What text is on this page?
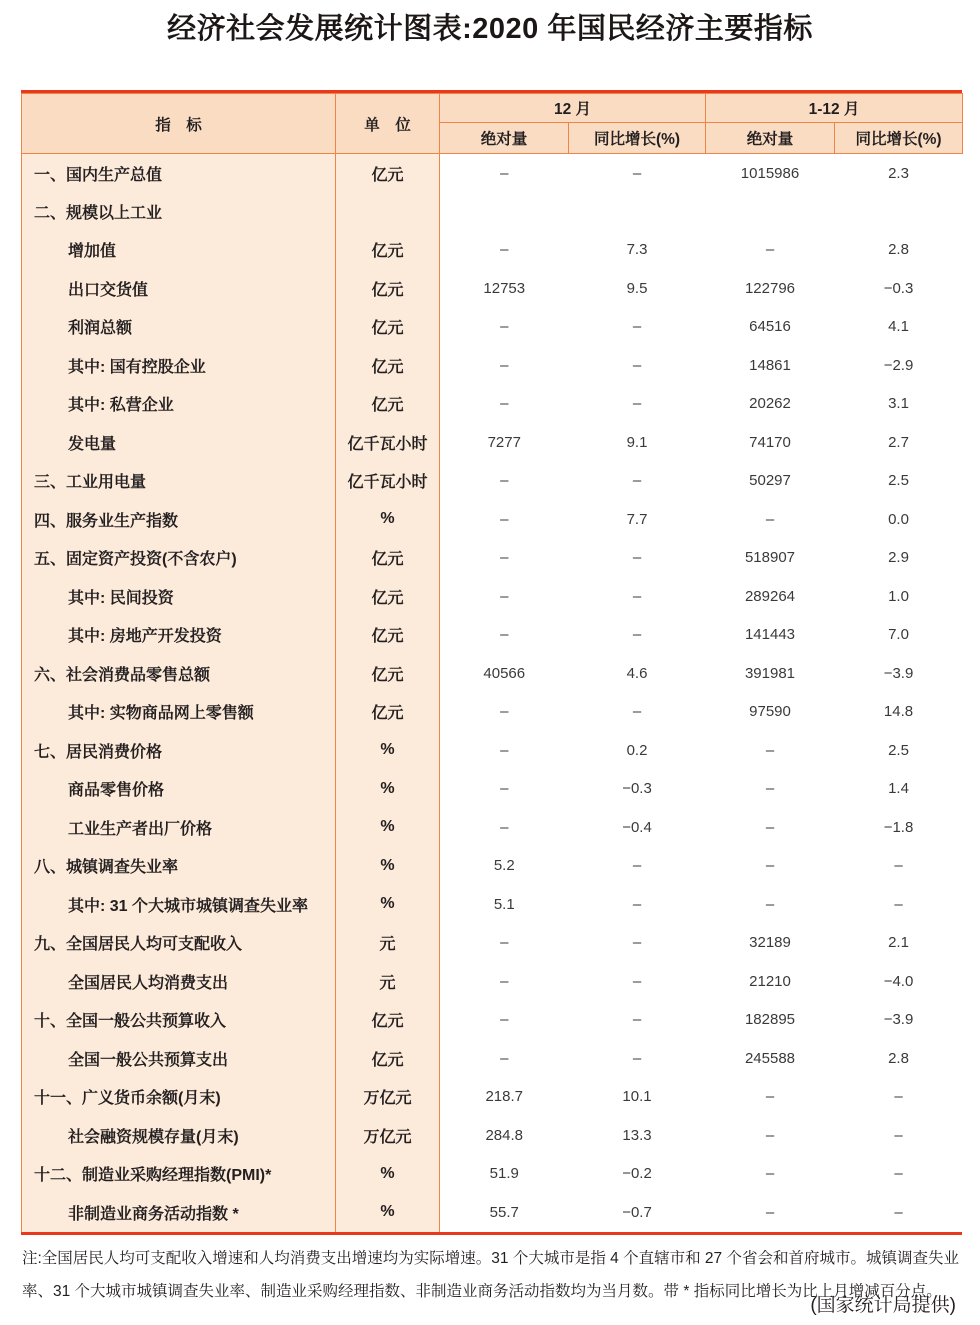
经济社会发展统计图表:2020 年国民经济主要指标
指　标	单　位	12 月		1-12 月	
		绝对量	同比增长(%)	绝对量	同比增长(%)
一、国内生产总值	亿元	–	–	1015986	2.3
二、规模以上工业					
增加值	亿元	–	7.3	–	2.8
出口交货值	亿元	12753	9.5	122796	−0.3
利润总额	亿元	–	–	64516	4.1
其中: 国有控股企业	亿元	–	–	14861	−2.9
其中: 私营企业	亿元	–	–	20262	3.1
发电量	亿千瓦小时	7277	9.1	74170	2.7
三、工业用电量	亿千瓦小时	–	–	50297	2.5
四、服务业生产指数	%	–	7.7	–	0.0
五、固定资产投资(不含农户)	亿元	–	–	518907	2.9
其中: 民间投资	亿元	–	–	289264	1.0
其中: 房地产开发投资	亿元	–	–	141443	7.0
六、社会消费品零售总额	亿元	40566	4.6	391981	−3.9
其中: 实物商品网上零售额	亿元	–	–	97590	14.8
七、居民消费价格	%	–	0.2	–	2.5
商品零售价格	%	–	−0.3	–	1.4
工业生产者出厂价格	%	–	−0.4	–	−1.8
八、城镇调查失业率	%	5.2	–	–	–
其中: 31 个大城市城镇调查失业率	%	5.1	–	–	–
九、全国居民人均可支配收入	元	–	–	32189	2.1
全国居民人均消费支出	元	–	–	21210	−4.0
十、全国一般公共预算收入	亿元	–	–	182895	−3.9
全国一般公共预算支出	亿元	–	–	245588	2.8
十一、广义货币余额(月末)	万亿元	218.7	10.1	–	–
社会融资规模存量(月末)	万亿元	284.8	13.3	–	–
十二、制造业采购经理指数(PMI)*	%	51.9	−0.2	–	–
非制造业商务活动指数 *	%	55.7	−0.7	–	–
注:全国居民人均可支配收入增速和人均消费支出增速均为实际增速。31 个大城市是指 4 个直辖市和 27 个省会和首府城市。城镇调查失业率、31 个大城市城镇调查失业率、制造业采购经理指数、非制造业商务活动指数均为当月数。带 * 指标同比增长为比上月增减百分点。
(国家统计局提供)
